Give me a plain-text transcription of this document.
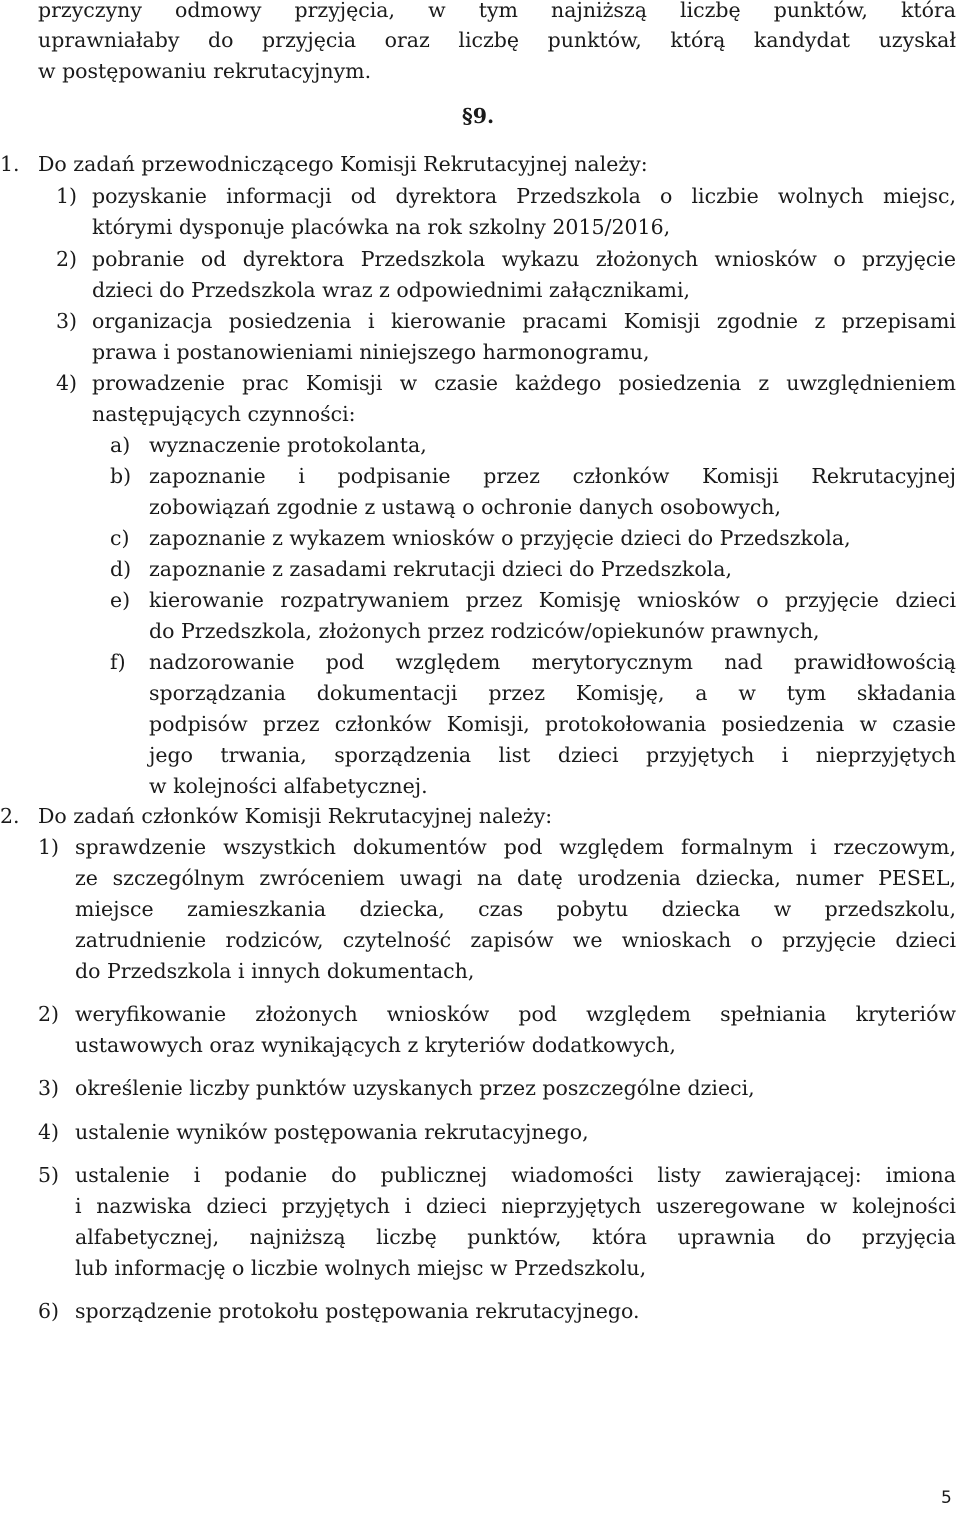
przyczyny odmowy przyjęcia, w tym najniższą liczbę punktów, która
uprawniałaby do przyjęcia oraz liczbę punktów, którą kandydat uzyskał
w postępowaniu rekrutacyjnym.
§9.
1. Do zadań przewodniczącego Komisji Rekrutacyjnej należy:
1) pozyskanie informacji od dyrektora Przedszkola o liczbie wolnych miejsc,
którymi dysponuje placówka na rok szkolny 2015/2016,
2) pobranie od dyrektora Przedszkola wykazu złożonych wniosków o przyjęcie
dzieci do Przedszkola wraz z odpowiednimi załącznikami,
3) organizacja posiedzenia i kierowanie pracami Komisji zgodnie z przepisami
prawa i postanowieniami niniejszego harmonogramu,
4) prowadzenie prac Komisji w czasie każdego posiedzenia z uwzględnieniem
następujących czynności:
a) wyznaczenie protokolanta,
b) zapoznanie i podpisanie przez członków Komisji Rekrutacyjnej
zobowiązań zgodnie z ustawą o ochronie danych osobowych,
c) zapoznanie z wykazem wniosków o przyjęcie dzieci do Przedszkola,
d) zapoznanie z zasadami rekrutacji dzieci do Przedszkola,
e) kierowanie rozpatrywaniem przez Komisję wniosków o przyjęcie dzieci
do Przedszkola, złożonych przez rodziców/opiekunów prawnych,
f) nadzorowanie pod względem merytorycznym nad prawidłowością
sporządzania dokumentacji przez Komisję, a w tym składania
podpisów przez członków Komisji, protokołowania posiedzenia w czasie
jego trwania, sporządzenia list dzieci przyjętych i nieprzyjętych
w kolejności alfabetycznej.
2. Do zadań członków Komisji Rekrutacyjnej należy:
1) sprawdzenie wszystkich dokumentów pod względem formalnym i rzeczowym,
ze szczególnym zwróceniem uwagi na datę urodzenia dziecka, numer PESEL,
miejsce zamieszkania dziecka, czas pobytu dziecka w przedszkolu,
zatrudnienie rodziców, czytelność zapisów we wnioskach o przyjęcie dzieci
do Przedszkola i innych dokumentach,
2) weryfikowanie złożonych wniosków pod względem spełniania kryteriów
ustawowych oraz wynikających z kryteriów dodatkowych,
3) określenie liczby punktów uzyskanych przez poszczególne dzieci,
4) ustalenie wyników postępowania rekrutacyjnego,
5) ustalenie i podanie do publicznej wiadomości listy zawierającej: imiona
i nazwiska dzieci przyjętych i dzieci nieprzyjętych uszeregowane w kolejności
alfabetycznej, najniższą liczbę punktów, która uprawnia do przyjęcia
lub informację o liczbie wolnych miejsc w Przedszkolu,
6) sporządzenie protokołu postępowania rekrutacyjnego.
5
